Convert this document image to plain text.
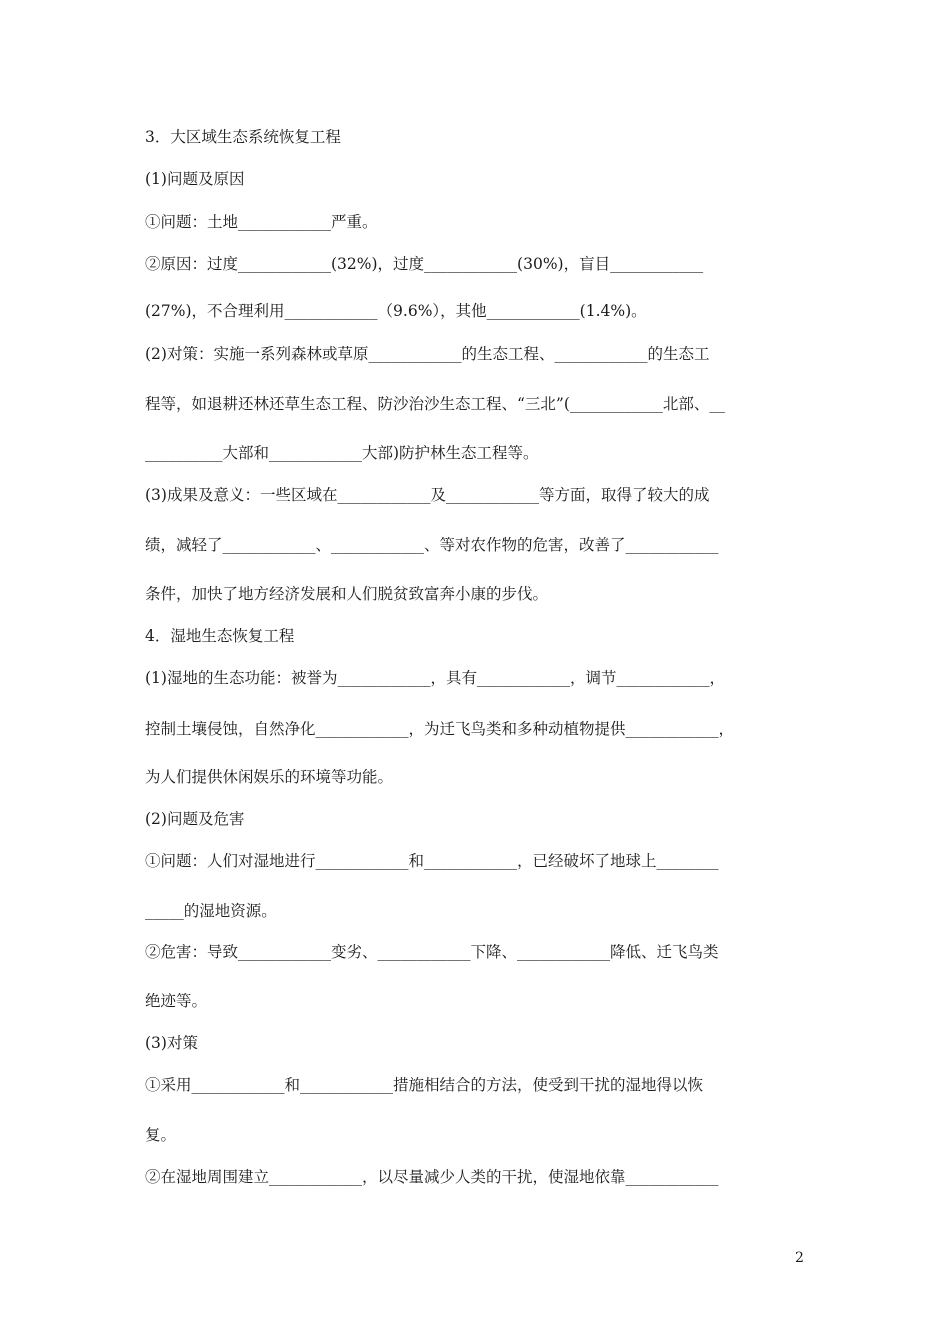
3．大区域生态系统恢复工程
(1)问题及原因
①问题：土地____________严重。
②原因：过度____________(32%)，过度____________(30%)，盲目____________
(27%)，不合理利用____________（9.6%），其他____________(1.4%)。
(2)对策：实施一系列森林或草原____________的生态工程、____________的生态工
程等，如退耕还林还草生态工程、防沙治沙生态工程、“三北”(____________北部、__
__________大部和____________大部)防护林生态工程等。
(3)成果及意义：一些区域在____________及____________等方面，取得了较大的成
绩，减轻了____________、____________、等对农作物的危害，改善了____________
条件，加快了地方经济发展和人们脱贫致富奔小康的步伐。
4．湿地生态恢复工程
(1)湿地的生态功能：被誉为____________，具有____________，调节____________，
控制土壤侵蚀，自然净化____________，为迁飞鸟类和多种动植物提供____________，
为人们提供休闲娱乐的环境等功能。
(2)问题及危害
①问题：人们对湿地进行____________和____________，已经破坏了地球上________
_____的湿地资源。
②危害：导致____________变劣、____________下降、____________降低、迁飞鸟类
绝迹等。
(3)对策
①采用____________和____________措施相结合的方法，使受到干扰的湿地得以恢
复。
②在湿地周围建立____________，以尽量减少人类的干扰，使湿地依靠____________
2
